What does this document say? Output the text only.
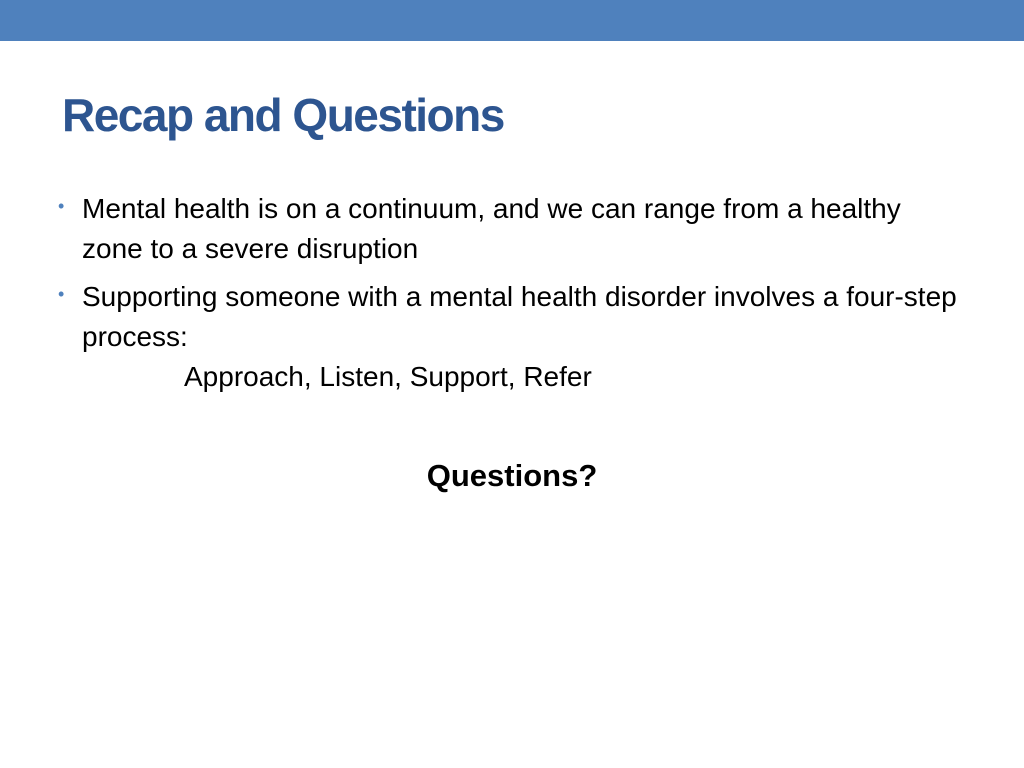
Recap and Questions
• Mental health is on a continuum, and we can range from a healthy zone to a severe disruption
• Supporting someone with a mental health disorder involves a four-step process:
Approach, Listen, Support, Refer
Questions?
